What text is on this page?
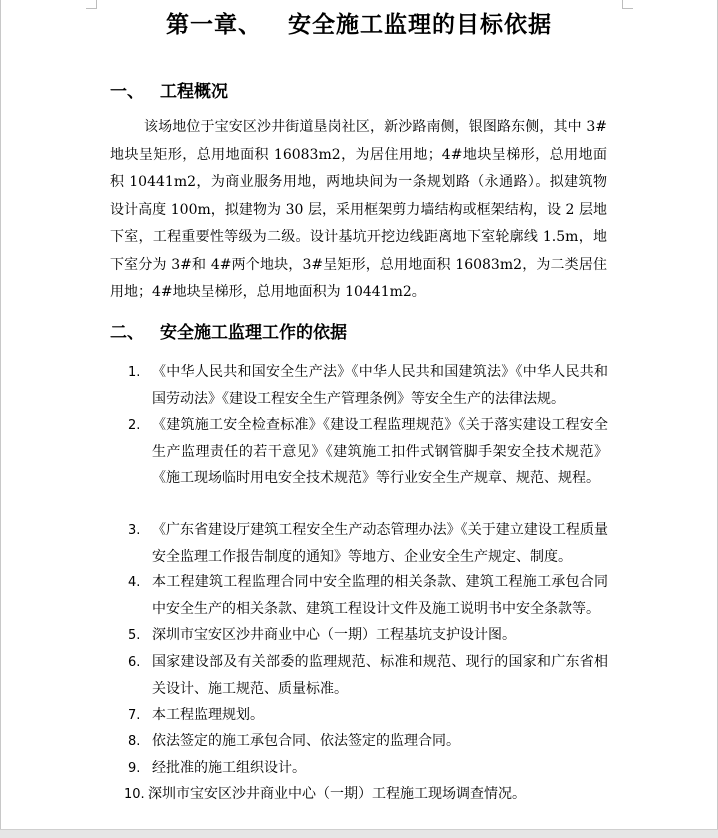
第一章、 安全施工监理的目标依据
一、 工程概况

该场地位于宝安区沙井街道垦岗社区，新沙路南侧，银图路东侧，其中 3#地块呈矩形，总用地面积 16083m2，为居住用地；4#地块呈梯形，总用地面积 10441m2，为商业服务用地，两地块间为一条规划路（永通路）。拟建筑物设计高度 100m，拟建物为 30 层，采用框架剪力墙结构或框架结构，设 2 层地下室，工程重要性等级为二级。设计基坑开挖边线距离地下室轮廓线 1.5m，地下室分为 3#和 4#两个地块，3#呈矩形，总用地面积 16083m2，为二类居住用地；4#地块呈梯形，总用地面积为 10441m2。

二、 安全施工监理工作的依据
1. 《中华人民共和国安全生产法》《中华人民共和国建筑法》《中华人民共和国劳动法》《建设工程安全生产管理条例》等安全生产的法律法规。
2. 《建筑施工安全检查标准》《建设工程监理规范》《关于落实建设工程安全生产监理责任的若干意见》《建筑施工扣件式钢管脚手架安全技术规范》《施工现场临时用电安全技术规范》等行业安全生产规章、规范、规程。
3. 《广东省建设厅建筑工程安全生产动态管理办法》《关于建立建设工程质量安全监理工作报告制度的通知》等地方、企业安全生产规定、制度。
4. 本工程建筑工程监理合同中安全监理的相关条款、建筑工程施工承包合同中安全生产的相关条款、建筑工程设计文件及施工说明书中安全条款等。
5. 深圳市宝安区沙井商业中心（一期）工程基坑支护设计图。
6. 国家建设部及有关部委的监理规范、标准和规范、现行的国家和广东省相关设计、施工规范、质量标准。
7. 本工程监理规划。
8. 依法签定的施工承包合同、依法签定的监理合同。
9. 经批准的施工组织设计。
10. 深圳市宝安区沙井商业中心（一期）工程施工现场调查情况。
